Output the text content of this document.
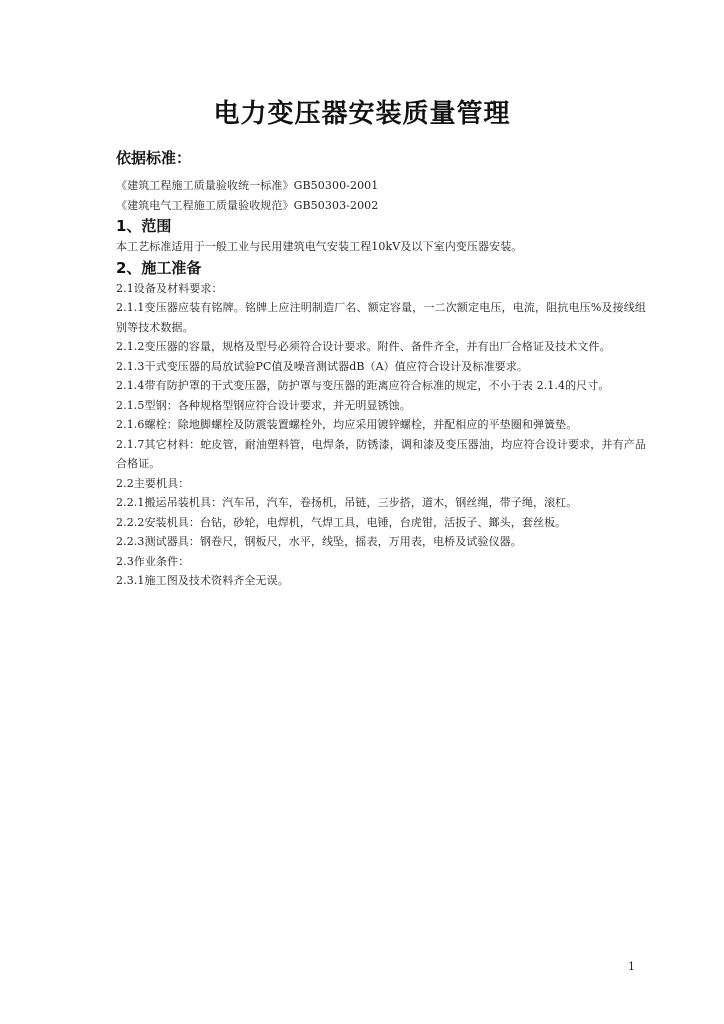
电力变压器安装质量管理
依据标准：
《建筑工程施工质量验收统一标准》GB50300-2001
《建筑电气工程施工质量验收规范》GB50303-2002
1、范围
本工艺标准适用于一般工业与民用建筑电气安装工程10kV及以下室内变压器安装。
2、施工准备
2.1设备及材料要求：
2.1.1变压器应装有铭牌。铭牌上应注明制造厂名、额定容量，一二次额定电压，电流，阻抗电压%及接线组别等技术数据。
2.1.2变压器的容量，规格及型号必须符合设计要求。附件、备件齐全，并有出厂合格证及技术文件。
2.1.3干式变压器的局放试验PC值及噪音测试器dB（A）值应符合设计及标准要求。
2.1.4带有防护罩的干式变压器，防护罩与变压器的距离应符合标准的规定，不小于表 2.1.4的尺寸。
2.1.5型钢：各种规格型钢应符合设计要求，并无明显锈蚀。
2.1.6螺栓：除地脚螺栓及防震装置螺栓外，均应采用镀锌螺栓，并配相应的平垫圈和弹簧垫。
2.1.7其它材料：蛇皮管，耐油塑料管，电焊条，防锈漆，调和漆及变压器油，均应符合设计要求，并有产品合格证。
2.2主要机具：
2.2.1搬运吊装机具：汽车吊，汽车，卷扬机，吊链，三步搭，道木，钢丝绳，带子绳，滚杠。
2.2.2安装机具：台钻，砂轮，电焊机，气焊工具，电锤，台虎钳，活扳子、鎯头，套丝板。
2.2.3测试器具：钢卷尺，钢板尺，水平，线坠，摇表，万用表，电桥及试验仪器。
2.3作业条件：
2.3.1施工图及技术资料齐全无误。
1
